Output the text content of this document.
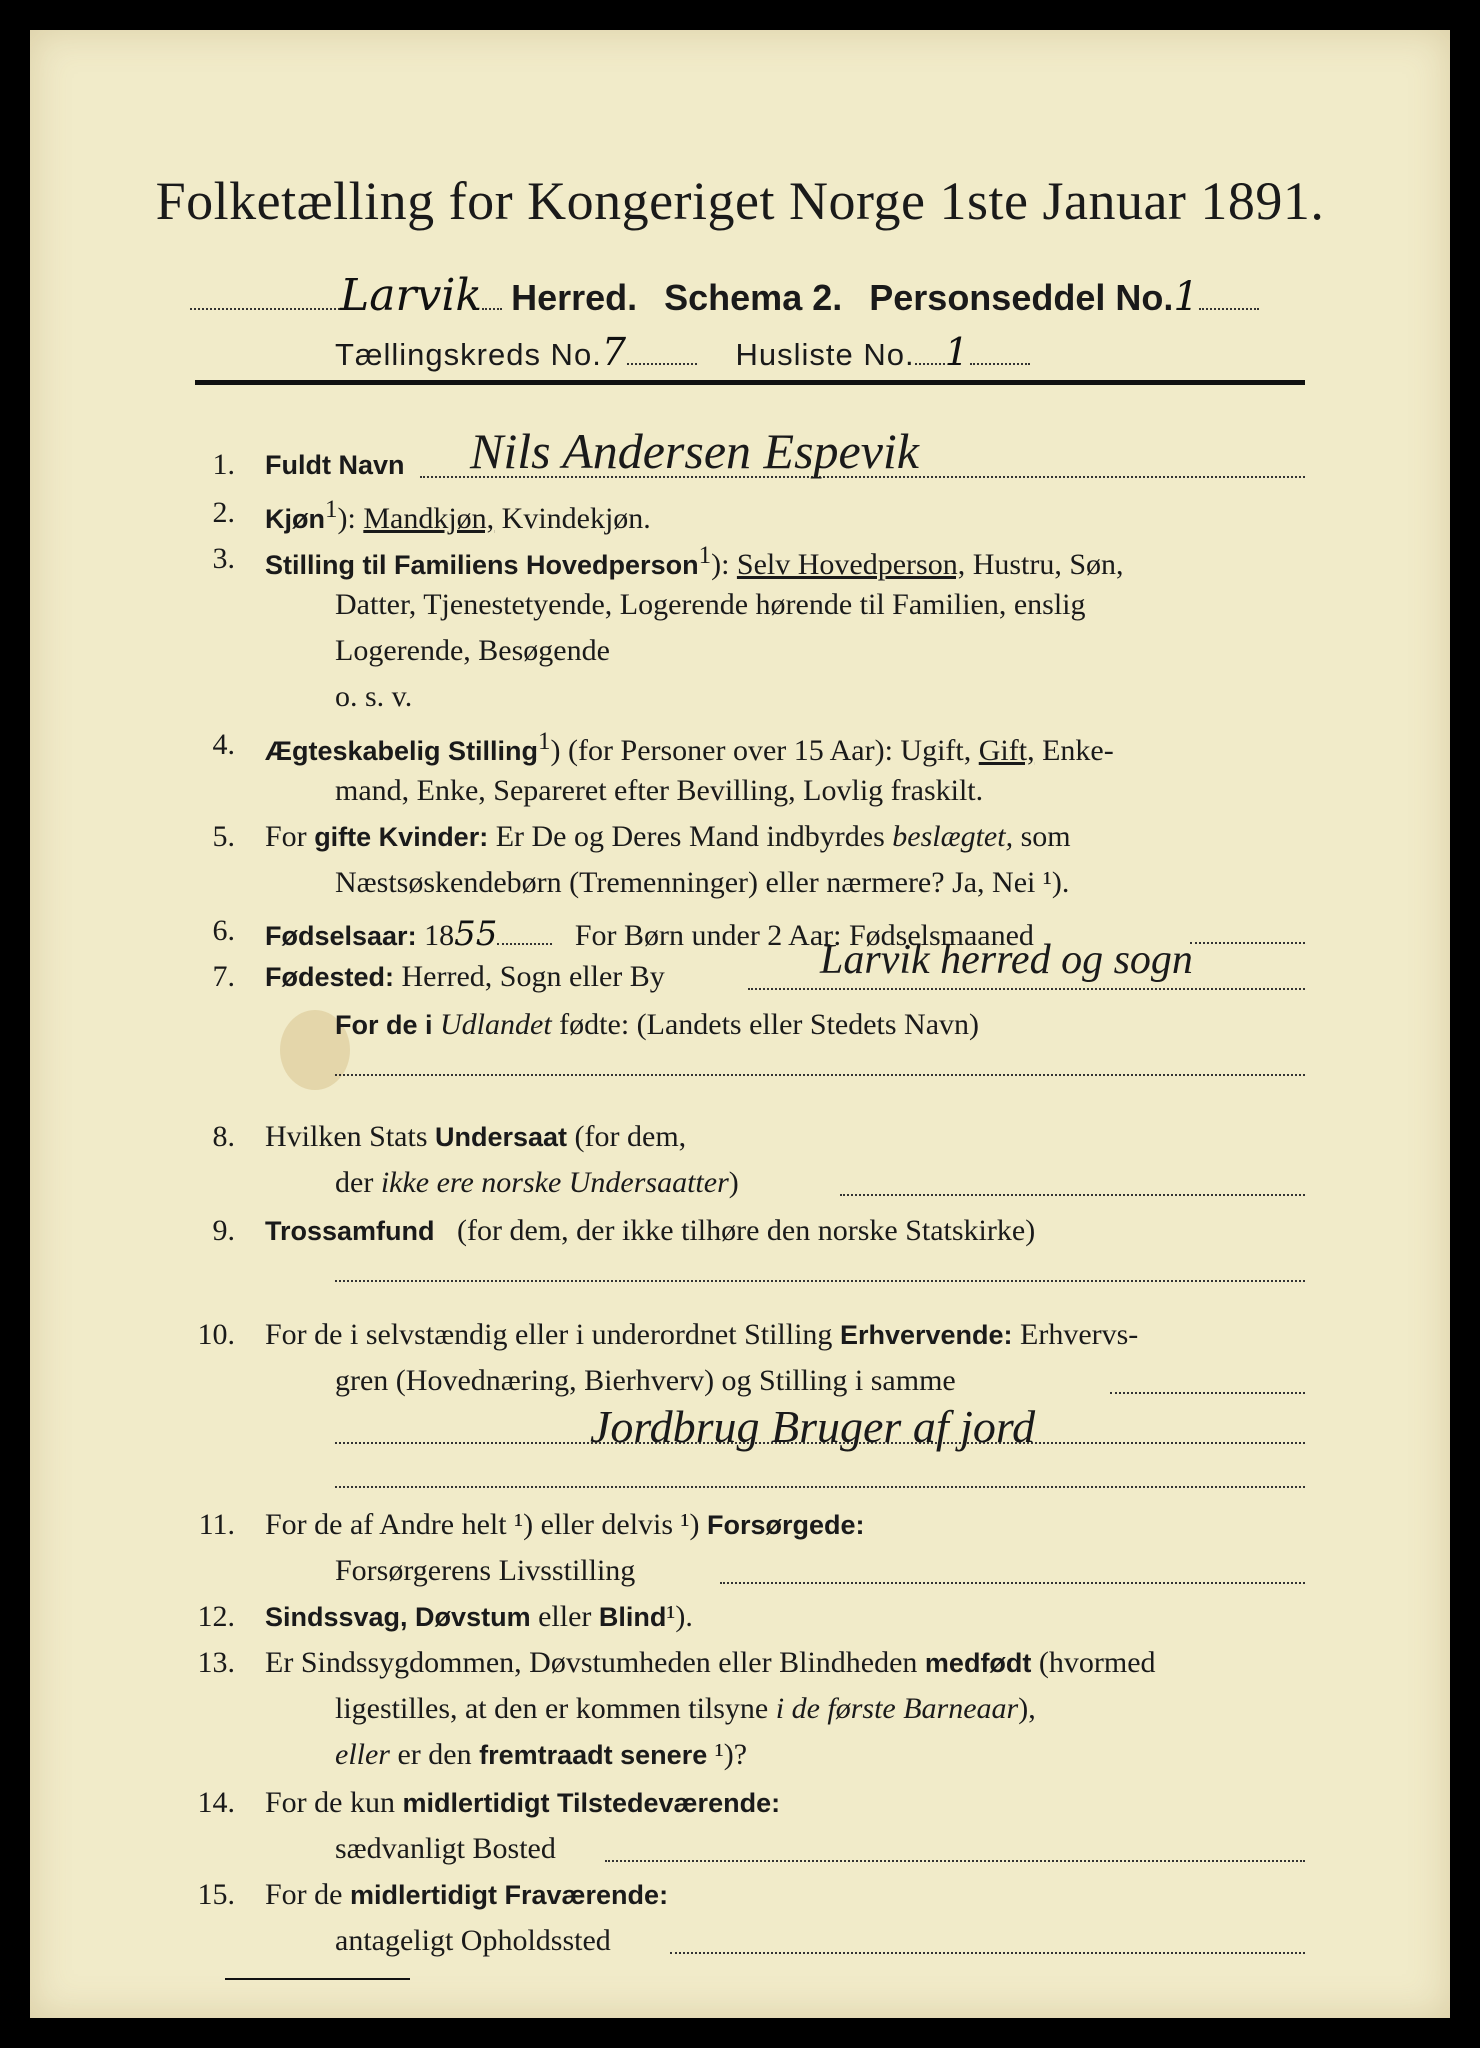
Folketælling for Kongeriget Norge 1ste Januar 1891.
Larvik Herred. Schema 2. Personseddel No.1
Tællingskreds No.7	Husliste No. 1
1. Fuldt Navn Nils Andersen Espevik
2. Kjøn$^1$): Mandkjøn, Kvindekjøn.
3. Stilling til Familiens Hovedperson$^1$): Selv Hovedperson, Hustru, Søn,
Datter, Tjenestetyende, Logerende hørende til Familien, enslig
Logerende, Besøgende
o. s. v.
4. Ægteskabelig Stilling$^1$) (for Personer over 15 Aar): Ugift, Gift, Enke-
mand, Enke, Separeret efter Bevilling, Lovlig fraskilt.
5. For gifte Kvinder: Er De og Deres Mand indbyrdes beslægtet, som
Næstsøskendebørn (Tremenninger) eller nærmere? Ja, Nei ¹).
6. Fødselsaar: 1855	For Børn under 2 Aar: Fødselsmaaned
7. Fødested: Herred, Sogn eller By	Larvik herred og sogn
For de i Udlandet fødte: (Landets eller Stedets Navn)
8. Hvilken Stats Undersaat (for dem,
der ikke ere norske Undersaatter)
9. Trossamfund (for dem, der ikke tilhøre den norske Statskirke)
10. For de i selvstændig eller i underordnet Stilling Erhvervende: Erhvervs-
gren (Hovednæring, Bierhverv) og Stilling i samme
Jordbrug Bruger af jord
11. For de af Andre helt ¹) eller delvis ¹) Forsørgede:
Forsørgerens Livsstilling
12. Sindssvag, Døvstum eller Blind¹).
13. Er Sindssygdommen, Døvstumheden eller Blindheden medfødt (hvormed
ligestilles, at den er kommen tilsyne i de første Barneaar),
eller er den fremtraadt senere ¹)?
14. For de kun midlertidigt Tilstedeværende:
sædvanligt Bosted
15. For de midlertidigt Fraværende:
antageligt Opholdssted
